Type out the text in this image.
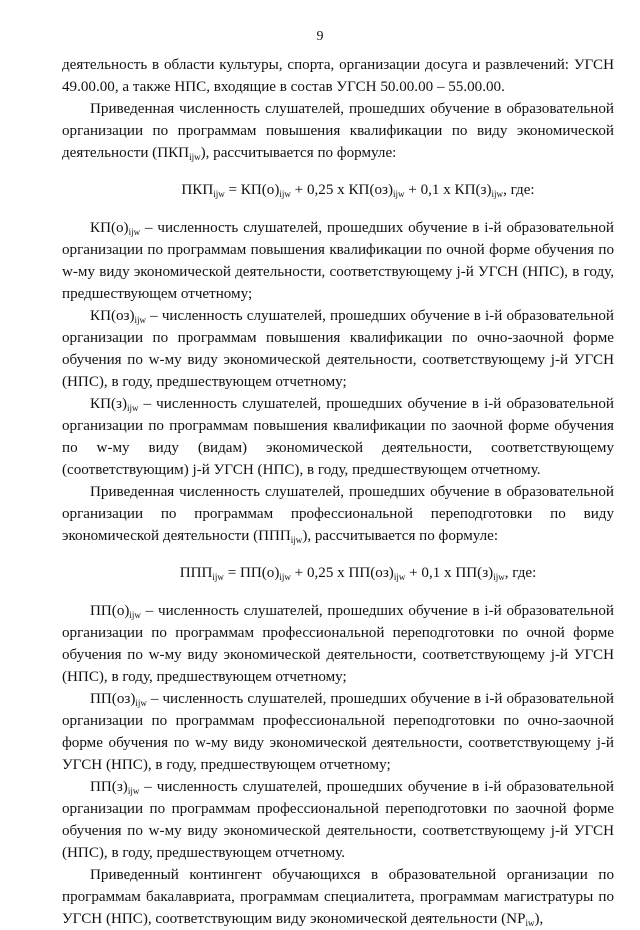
9

деятельность в области культуры, спорта, организации досуга и развлечений: УГСН 49.00.00, а также НПС, входящие в состав УГСН 50.00.00 – 55.00.00.

Приведенная численность слушателей, прошедших обучение в образовательной организации по программам повышения квалификации по виду экономической деятельности $(ПКП_{ijw})$, рассчитывается по формуле:

$ПКП_{ijw} = КП(о)_{ijw} + 0,25$ х $КП(оз)_{ijw} + 0,1$ х $КП(з)_{ijw}$, где:

$КП(о)_{ijw}$ – численность слушателей, прошедших обучение в i-й образовательной организации по программам повышения квалификации по очной форме обучения по w-му виду экономической деятельности, соответствующему j-й УГСН (НПС), в году, предшествующем отчетному;

$КП(оз)_{ijw}$ – численность слушателей, прошедших обучение в i-й образовательной организации по программам повышения квалификации по очно-заочной форме обучения по w-му виду экономической деятельности, соответствующему j-й УГСН (НПС), в году, предшествующем отчетному;

$КП(з)_{ijw}$ – численность слушателей, прошедших обучение в i-й образовательной организации по программам повышения квалификации по заочной форме обучения по w-му виду (видам) экономической деятельности, соответствующему (соответствующим) j-й УГСН (НПС), в году, предшествующем отчетному.

Приведенная численность слушателей, прошедших обучение в образовательной организации по программам профессиональной переподготовки по виду экономической деятельности $(ППП_{ijw})$, рассчитывается по формуле:

$ППП_{ijw} = ПП(о)_{ijw} + 0,25$ х $ПП(оз)_{ijw} + 0,1$ х $ПП(з)_{ijw}$, где:

$ПП(о)_{ijw}$ – численность слушателей, прошедших обучение в i-й образовательной организации по программам профессиональной переподготовки по очной форме обучения по w-му виду экономической деятельности, соответствующему j-й УГСН (НПС), в году, предшествующем отчетному;

$ПП(оз)_{ijw}$ – численность слушателей, прошедших обучение в i-й образовательной организации по программам профессиональной переподготовки по очно-заочной форме обучения по w-му виду экономической деятельности, соответствующему j-й УГСН (НПС), в году, предшествующем отчетному;

$ПП(з)_{ijw}$ – численность слушателей, прошедших обучение в i-й образовательной организации по программам профессиональной переподготовки по заочной форме обучения по w-му виду экономической деятельности, соответствующему j-й УГСН (НПС), в году, предшествующем отчетному.

Приведенный контингент обучающихся в образовательной организации по программам бакалавриата, программам специалитета, программам магистратуры по УГСН (НПС), соответствующим виду экономической деятельности $(NP_{iw})$,
